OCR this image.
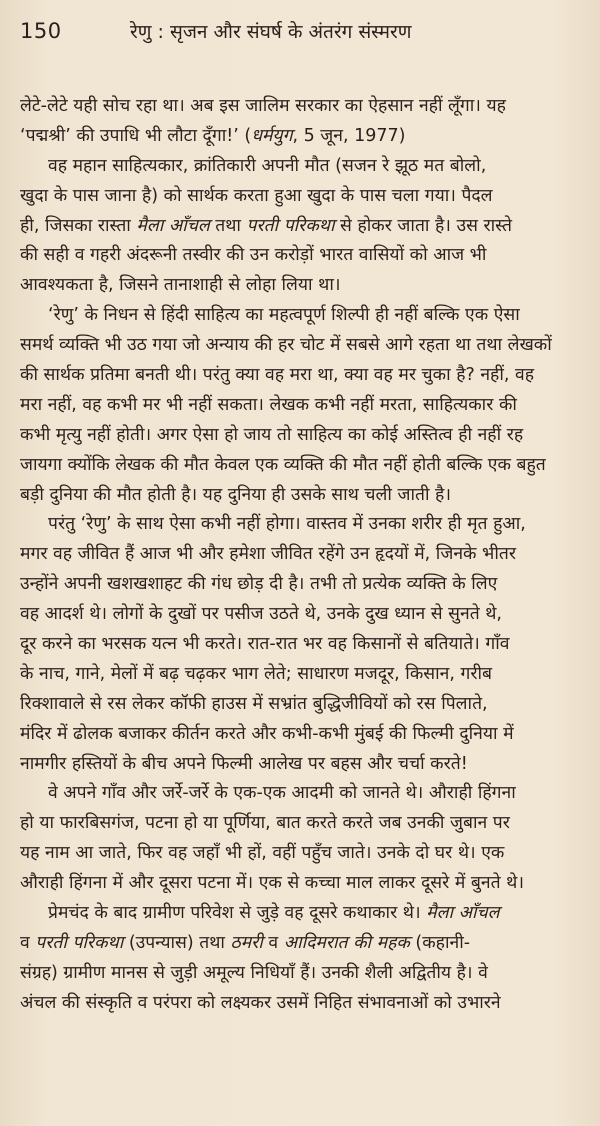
150	रेणु : सृजन और संघर्ष के अंतरंग संस्मरण
लेटे-लेटे यही सोच रहा था। अब इस जालिम सरकार का ऐहसान नहीं लूँगा। यह
‘पद्मश्री’ की उपाधि भी लौटा दूँगा!’ (धर्मयुग, 5 जून, 1977)
वह महान साहित्यकार, क्रांतिकारी अपनी मौत (सजन रे झूठ मत बोलो,
खुदा के पास जाना है) को सार्थक करता हुआ खुदा के पास चला गया। पैदल
ही, जिसका रास्ता मैला आँचल तथा परती परिकथा से होकर जाता है। उस रास्ते
की सही व गहरी अंदरूनी तस्वीर की उन करोड़ों भारत वासियों को आज भी
आवश्यकता है, जिसने तानाशाही से लोहा लिया था।
‘रेणु’ के निधन से हिंदी साहित्य का महत्वपूर्ण शिल्पी ही नहीं बल्कि एक ऐसा
समर्थ व्यक्ति भी उठ गया जो अन्याय की हर चोट में सबसे आगे रहता था तथा लेखकों
की सार्थक प्रतिमा बनती थी। परंतु क्या वह मरा था, क्या वह मर चुका है? नहीं, वह
मरा नहीं, वह कभी मर भी नहीं सकता। लेखक कभी नहीं मरता, साहित्यकार की
कभी मृत्यु नहीं होती। अगर ऐसा हो जाय तो साहित्य का कोई अस्तित्व ही नहीं रह
जायगा क्योंकि लेखक की मौत केवल एक व्यक्ति की मौत नहीं होती बल्कि एक बहुत
बड़ी दुनिया की मौत होती है। यह दुनिया ही उसके साथ चली जाती है।
परंतु ‘रेणु’ के साथ ऐसा कभी नहीं होगा। वास्तव में उनका शरीर ही मृत हुआ,
मगर वह जीवित हैं आज भी और हमेशा जीवित रहेंगे उन हृदयों में, जिनके भीतर
उन्होंने अपनी खशखशाहट की गंध छोड़ दी है। तभी तो प्रत्येक व्यक्ति के लिए
वह आदर्श थे। लोगों के दुखों पर पसीज उठते थे, उनके दुख ध्यान से सुनते थे,
दूर करने का भरसक यत्न भी करते। रात-रात भर वह किसानों से बतियाते। गाँव
के नाच, गाने, मेलों में बढ़ चढ़कर भाग लेते; साधारण मजदूर, किसान, गरीब
रिक्शावाले से रस लेकर कॉफी हाउस में सभ्रांत बुद्धिजीवियों को रस पिलाते,
मंदिर में ढोलक बजाकर कीर्तन करते और कभी-कभी मुंबई की फिल्मी दुनिया में
नामगीर हस्तियों के बीच अपने फिल्मी आलेख पर बहस और चर्चा करते!
वे अपने गाँव और जर्रे-जर्रे के एक-एक आदमी को जानते थे। औराही हिंगना
हो या फारबिसगंज, पटना हो या पूर्णिया, बात करते करते जब उनकी जुबान पर
यह नाम आ जाते, फिर वह जहाँ भी हों, वहीं पहुँच जाते। उनके दो घर थे। एक
औराही हिंगना में और दूसरा पटना में। एक से कच्चा माल लाकर दूसरे में बुनते थे।
प्रेमचंद के बाद ग्रामीण परिवेश से जुड़े वह दूसरे कथाकार थे। मैला आँचल
व परती परिकथा (उपन्यास) तथा ठमरी व आदिमरात की महक (कहानी-
संग्रह) ग्रामीण मानस से जुड़ी अमूल्य निधियाँ हैं। उनकी शैली अद्वितीय है। वे
अंचल की संस्कृति व परंपरा को लक्ष्यकर उसमें निहित संभावनाओं को उभारने
